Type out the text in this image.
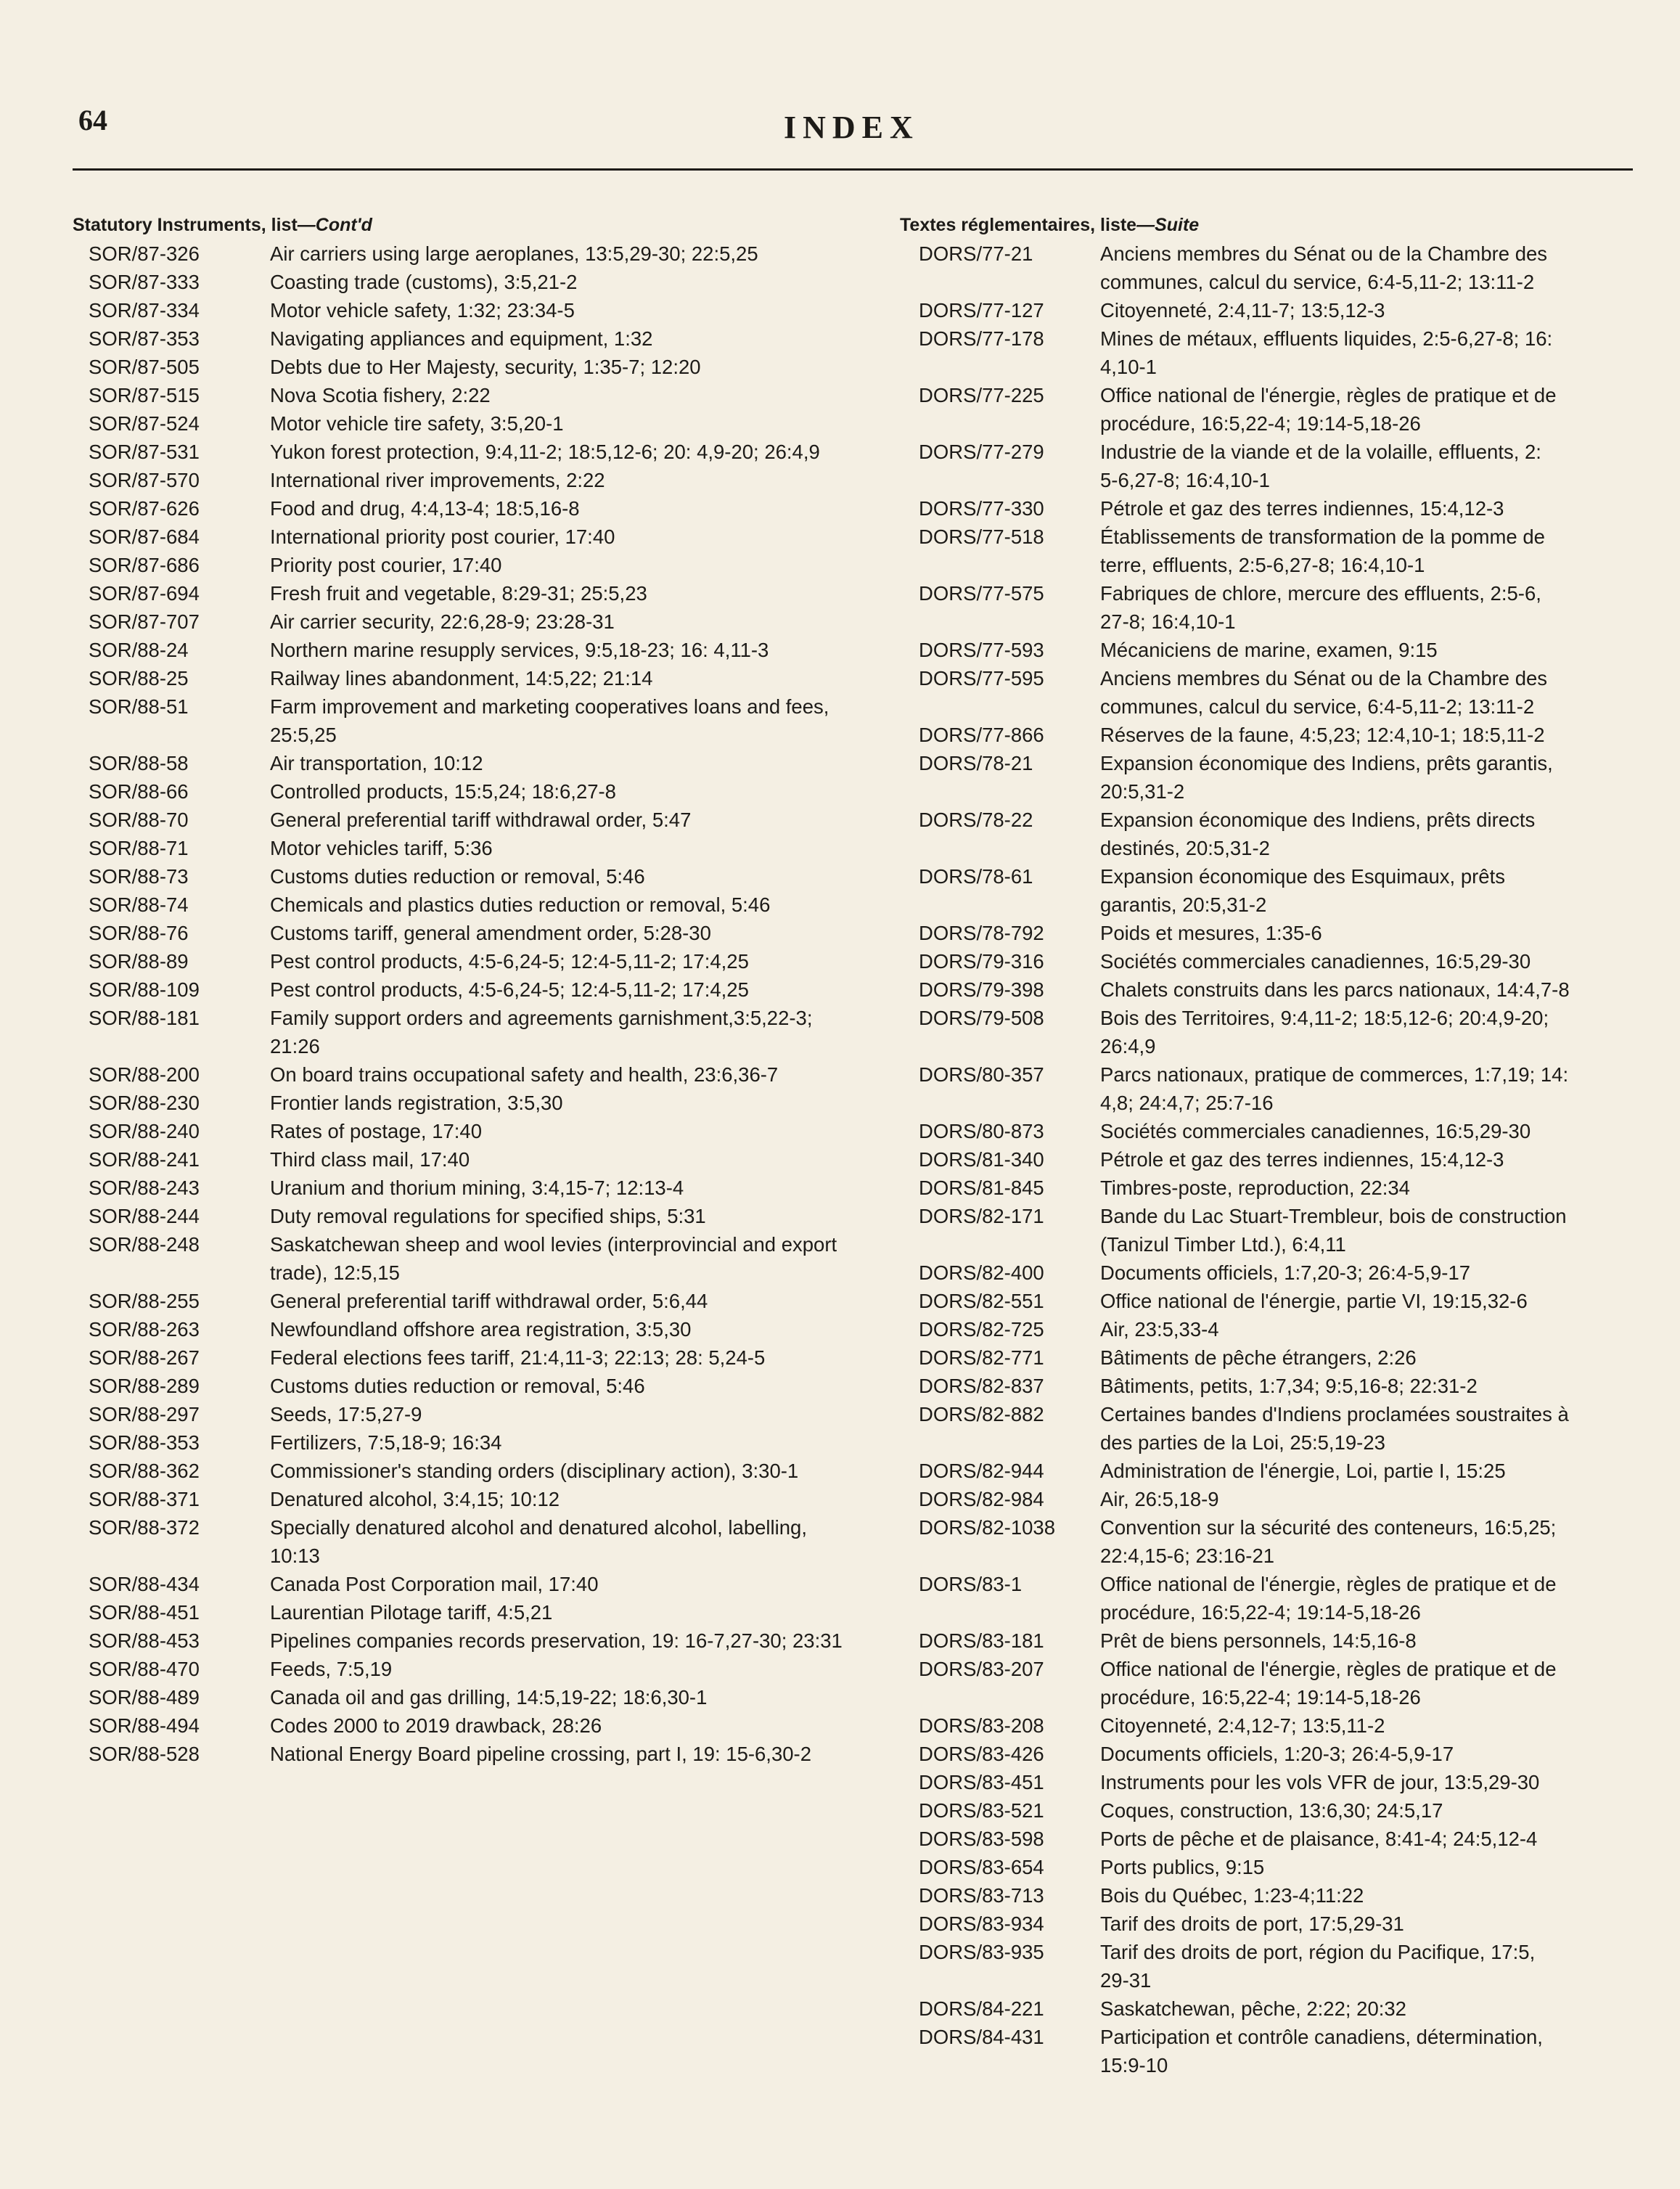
64	INDEX
Statutory Instruments, list—Cont'd
SOR/87-326	Air carriers using large aeroplanes, 13:5,29-30; 22:5,25
SOR/87-333	Coasting trade (customs), 3:5,21-2
SOR/87-334	Motor vehicle safety, 1:32; 23:34-5
SOR/87-353	Navigating appliances and equipment, 1:32
SOR/87-505	Debts due to Her Majesty, security, 1:35-7; 12:20
SOR/87-515	Nova Scotia fishery, 2:22
SOR/87-524	Motor vehicle tire safety, 3:5,20-1
SOR/87-531	Yukon forest protection, 9:4,11-2; 18:5,12-6; 20: 4,9-20; 26:4,9
SOR/87-570	International river improvements, 2:22
SOR/87-626	Food and drug, 4:4,13-4; 18:5,16-8
SOR/87-684	International priority post courier, 17:40
SOR/87-686	Priority post courier, 17:40
SOR/87-694	Fresh fruit and vegetable, 8:29-31; 25:5,23
SOR/87-707	Air carrier security, 22:6,28-9; 23:28-31
SOR/88-24	Northern marine resupply services, 9:5,18-23; 16: 4,11-3
SOR/88-25	Railway lines abandonment, 14:5,22; 21:14
SOR/88-51	Farm improvement and marketing cooperatives loans and fees, 25:5,25
SOR/88-58	Air transportation, 10:12
SOR/88-66	Controlled products, 15:5,24; 18:6,27-8
SOR/88-70	General preferential tariff withdrawal order, 5:47
SOR/88-71	Motor vehicles tariff, 5:36
SOR/88-73	Customs duties reduction or removal, 5:46
SOR/88-74	Chemicals and plastics duties reduction or removal, 5:46
SOR/88-76	Customs tariff, general amendment order, 5:28-30
SOR/88-89	Pest control products, 4:5-6,24-5; 12:4-5,11-2; 17:4,25
SOR/88-109	Pest control products, 4:5-6,24-5; 12:4-5,11-2; 17:4,25
SOR/88-181	Family support orders and agreements garnishment,3:5,22-3; 21:26
SOR/88-200	On board trains occupational safety and health, 23:6,36-7
SOR/88-230	Frontier lands registration, 3:5,30
SOR/88-240	Rates of postage, 17:40
SOR/88-241	Third class mail, 17:40
SOR/88-243	Uranium and thorium mining, 3:4,15-7; 12:13-4
SOR/88-244	Duty removal regulations for specified ships, 5:31
SOR/88-248	Saskatchewan sheep and wool levies (interprovincial and export trade), 12:5,15
SOR/88-255	General preferential tariff withdrawal order, 5:6,44
SOR/88-263	Newfoundland offshore area registration, 3:5,30
SOR/88-267	Federal elections fees tariff, 21:4,11-3; 22:13; 28: 5,24-5
SOR/88-289	Customs duties reduction or removal, 5:46
SOR/88-297	Seeds, 17:5,27-9
SOR/88-353	Fertilizers, 7:5,18-9; 16:34
SOR/88-362	Commissioner's standing orders (disciplinary action), 3:30-1
SOR/88-371	Denatured alcohol, 3:4,15; 10:12
SOR/88-372	Specially denatured alcohol and denatured alcohol, labelling, 10:13
SOR/88-434	Canada Post Corporation mail, 17:40
SOR/88-451	Laurentian Pilotage tariff, 4:5,21
SOR/88-453	Pipelines companies records preservation, 19: 16-7,27-30; 23:31
SOR/88-470	Feeds, 7:5,19
SOR/88-489	Canada oil and gas drilling, 14:5,19-22; 18:6,30-1
SOR/88-494	Codes 2000 to 2019 drawback, 28:26
SOR/88-528	National Energy Board pipeline crossing, part I, 19: 15-6,30-2
Textes réglementaires, liste—Suite
DORS/77-21	Anciens membres du Sénat ou de la Chambre des
communes, calcul du service, 6:4-5,11-2; 13:11-2
DORS/77-127	Citoyenneté, 2:4,11-7; 13:5,12-3
DORS/77-178	Mines de métaux, effluents liquides, 2:5-6,27-8; 16:
4,10-1
DORS/77-225	Office national de l'énergie, règles de pratique et de
procédure, 16:5,22-4; 19:14-5,18-26
DORS/77-279	Industrie de la viande et de la volaille, effluents, 2:
5-6,27-8; 16:4,10-1
DORS/77-330	Pétrole et gaz des terres indiennes, 15:4,12-3
DORS/77-518	Établissements de transformation de la pomme de
terre, effluents, 2:5-6,27-8; 16:4,10-1
DORS/77-575	Fabriques de chlore, mercure des effluents, 2:5-6,
27-8; 16:4,10-1
DORS/77-593	Mécaniciens de marine, examen, 9:15
DORS/77-595	Anciens membres du Sénat ou de la Chambre des
communes, calcul du service, 6:4-5,11-2; 13:11-2
DORS/77-866	Réserves de la faune, 4:5,23; 12:4,10-1; 18:5,11-2
DORS/78-21	Expansion économique des Indiens, prêts garantis,
20:5,31-2
DORS/78-22	Expansion économique des Indiens, prêts directs
destinés, 20:5,31-2
DORS/78-61	Expansion économique des Esquimaux, prêts
garantis, 20:5,31-2
DORS/78-792	Poids et mesures, 1:35-6
DORS/79-316	Sociétés commerciales canadiennes, 16:5,29-30
DORS/79-398	Chalets construits dans les parcs nationaux, 14:4,7-8
DORS/79-508	Bois des Territoires, 9:4,11-2; 18:5,12-6; 20:4,9-20;
26:4,9
DORS/80-357	Parcs nationaux, pratique de commerces, 1:7,19; 14:
4,8; 24:4,7; 25:7-16
DORS/80-873	Sociétés commerciales canadiennes, 16:5,29-30
DORS/81-340	Pétrole et gaz des terres indiennes, 15:4,12-3
DORS/81-845	Timbres-poste, reproduction, 22:34
DORS/82-171	Bande du Lac Stuart-Trembleur, bois de construction
(Tanizul Timber Ltd.), 6:4,11
DORS/82-400	Documents officiels, 1:7,20-3; 26:4-5,9-17
DORS/82-551	Office national de l'énergie, partie VI, 19:15,32-6
DORS/82-725	Air, 23:5,33-4
DORS/82-771	Bâtiments de pêche étrangers, 2:26
DORS/82-837	Bâtiments, petits, 1:7,34; 9:5,16-8; 22:31-2
DORS/82-882	Certaines bandes d'Indiens proclamées soustraites à
des parties de la Loi, 25:5,19-23
DORS/82-944	Administration de l'énergie, Loi, partie I, 15:25
DORS/82-984	Air, 26:5,18-9
DORS/82-1038	Convention sur la sécurité des conteneurs, 16:5,25;
22:4,15-6; 23:16-21
DORS/83-1	Office national de l'énergie, règles de pratique et de
procédure, 16:5,22-4; 19:14-5,18-26
DORS/83-181	Prêt de biens personnels, 14:5,16-8
DORS/83-207	Office national de l'énergie, règles de pratique et de
procédure, 16:5,22-4; 19:14-5,18-26
DORS/83-208	Citoyenneté, 2:4,12-7; 13:5,11-2
DORS/83-426	Documents officiels, 1:20-3; 26:4-5,9-17
DORS/83-451	Instruments pour les vols VFR de jour, 13:5,29-30
DORS/83-521	Coques, construction, 13:6,30; 24:5,17
DORS/83-598	Ports de pêche et de plaisance, 8:41-4; 24:5,12-4
DORS/83-654	Ports publics, 9:15
DORS/83-713	Bois du Québec, 1:23-4;11:22
DORS/83-934	Tarif des droits de port, 17:5,29-31
DORS/83-935	Tarif des droits de port, région du Pacifique, 17:5,
29-31
DORS/84-221	Saskatchewan, pêche, 2:22; 20:32
DORS/84-431	Participation et contrôle canadiens, détermination,
15:9-10
